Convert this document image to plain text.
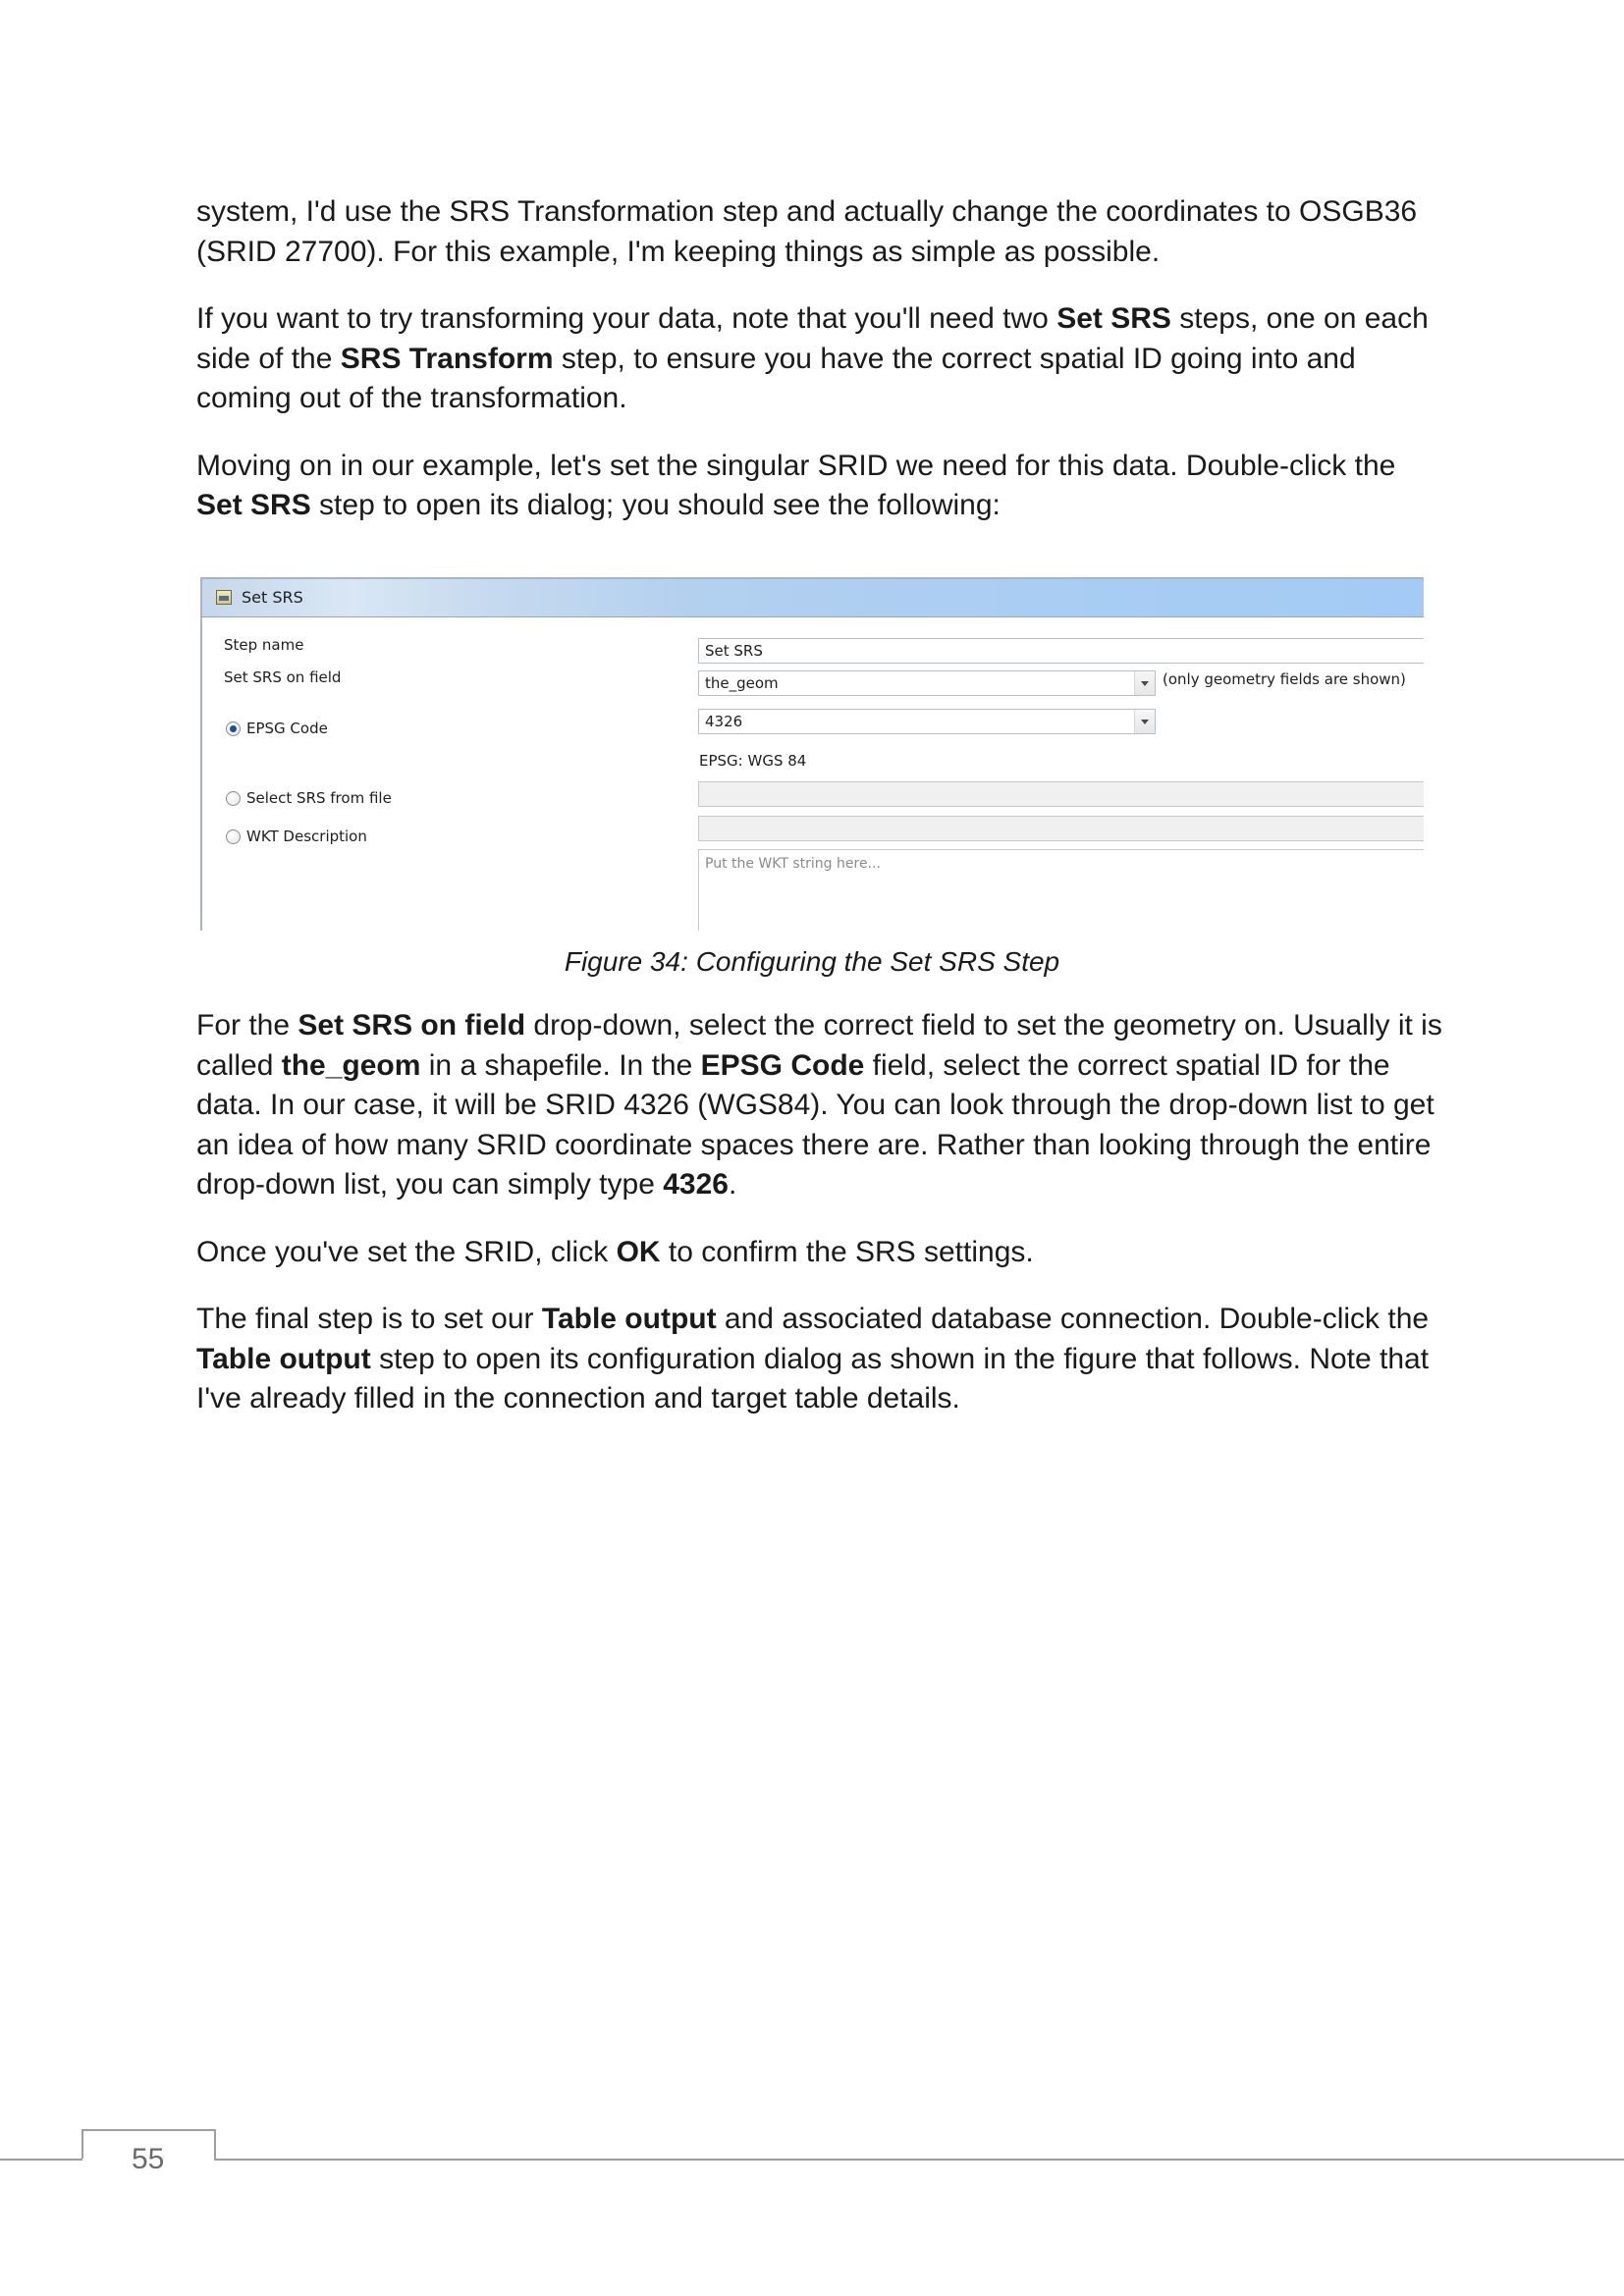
system, I'd use the SRS Transformation step and actually change the coordinates to OSGB36 (SRID 27700). For this example, I'm keeping things as simple as possible.

If you want to try transforming your data, note that you'll need two Set SRS steps, one on each side of the SRS Transform step, to ensure you have the correct spatial ID going into and coming out of the transformation.

Moving on in our example, let's set the singular SRID we need for this data. Double-click the Set SRS step to open its dialog; you should see the following:

Set SRS
Step name	Set SRS
Set SRS on field	the_geom	(only geometry fields are shown)
EPSG Code	4326
EPSG: WGS 84
Select SRS from file
WKT Description
Put the WKT string here...
Figure 34: Configuring the Set SRS Step

For the Set SRS on field drop-down, select the correct field to set the geometry on. Usually it is called the_geom in a shapefile. In the EPSG Code field, select the correct spatial ID for the data. In our case, it will be SRID 4326 (WGS84). You can look through the drop-down list to get an idea of how many SRID coordinate spaces there are. Rather than looking through the entire drop-down list, you can simply type 4326.

Once you've set the SRID, click OK to confirm the SRS settings.

The final step is to set our Table output and associated database connection. Double-click the Table output step to open its configuration dialog as shown in the figure that follows. Note that I've already filled in the connection and target table details.

55
